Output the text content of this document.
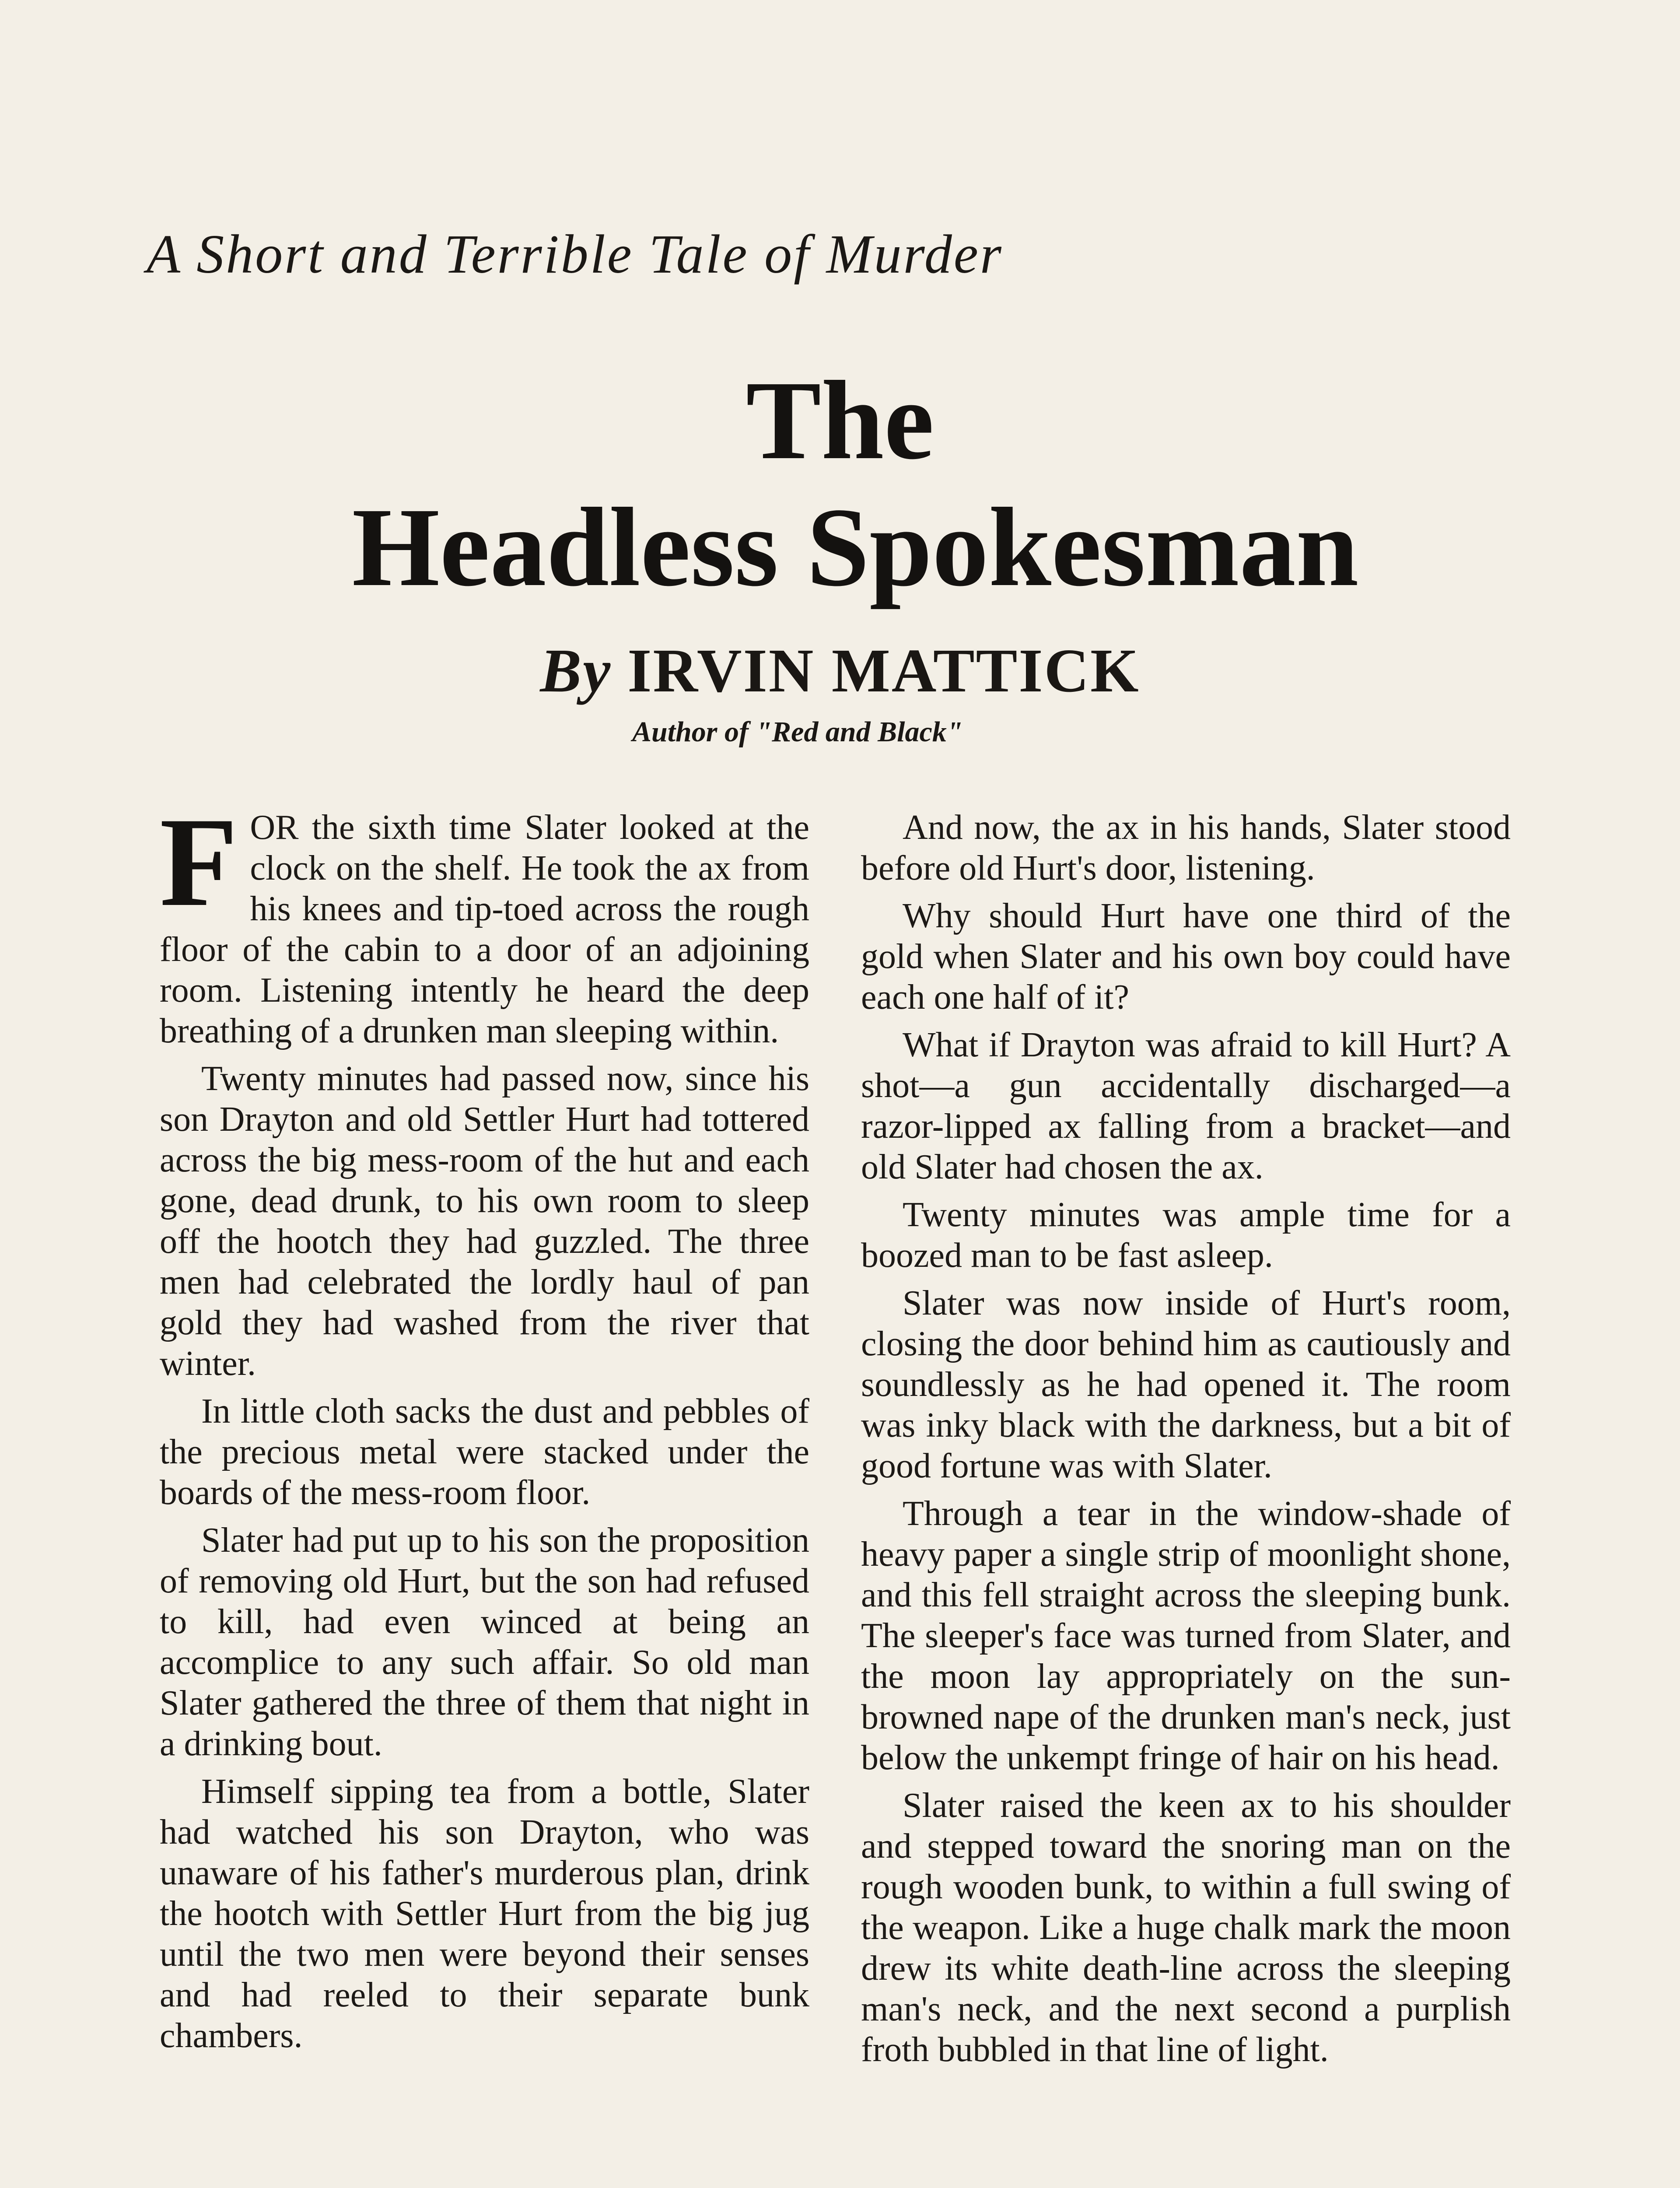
A Short and Terrible Tale of Murder
The
Headless Spokesman
By IRVIN MATTICK
Author of "Red and Black"

FOR the sixth time Slater looked at the clock on the shelf. He took the ax from his knees and tip-toed across the rough floor of the cabin to a door of an adjoining room. Listening intently he heard the deep breathing of a drunken man sleeping within.

Twenty minutes had passed now, since his son Drayton and old Settler Hurt had tottered across the big mess-room of the hut and each gone, dead drunk, to his own room to sleep off the hootch they had guzzled. The three men had celebrated the lordly haul of pan gold they had washed from the river that winter.

In little cloth sacks the dust and pebbles of the precious metal were stacked under the boards of the mess-room floor.

Slater had put up to his son the proposition of removing old Hurt, but the son had refused to kill, had even winced at being an accomplice to any such affair. So old man Slater gathered the three of them that night in a drinking bout.

Himself sipping tea from a bottle, Slater had watched his son Drayton, who was unaware of his father's murderous plan, drink the hootch with Settler Hurt from the big jug until the two men were beyond their senses and had reeled to their separate bunk chambers.

And now, the ax in his hands, Slater stood before old Hurt's door, listening.

Why should Hurt have one third of the gold when Slater and his own boy could have each one half of it?

What if Drayton was afraid to kill Hurt? A shot—a gun accidentally discharged—a razor-lipped ax falling from a bracket—and old Slater had chosen the ax.

Twenty minutes was ample time for a boozed man to be fast asleep.

Slater was now inside of Hurt's room, closing the door behind him as cautiously and soundlessly as he had opened it. The room was inky black with the darkness, but a bit of good fortune was with Slater.

Through a tear in the window-shade of heavy paper a single strip of moonlight shone, and this fell straight across the sleeping bunk. The sleeper's face was turned from Slater, and the moon lay appropriately on the sun-browned nape of the drunken man's neck, just below the unkempt fringe of hair on his head.

Slater raised the keen ax to his shoulder and stepped toward the snoring man on the rough wooden bunk, to within a full swing of the weapon. Like a huge chalk mark the moon drew its white death-line across the sleeping man's neck, and the next second a purplish froth bubbled in that line of light.
